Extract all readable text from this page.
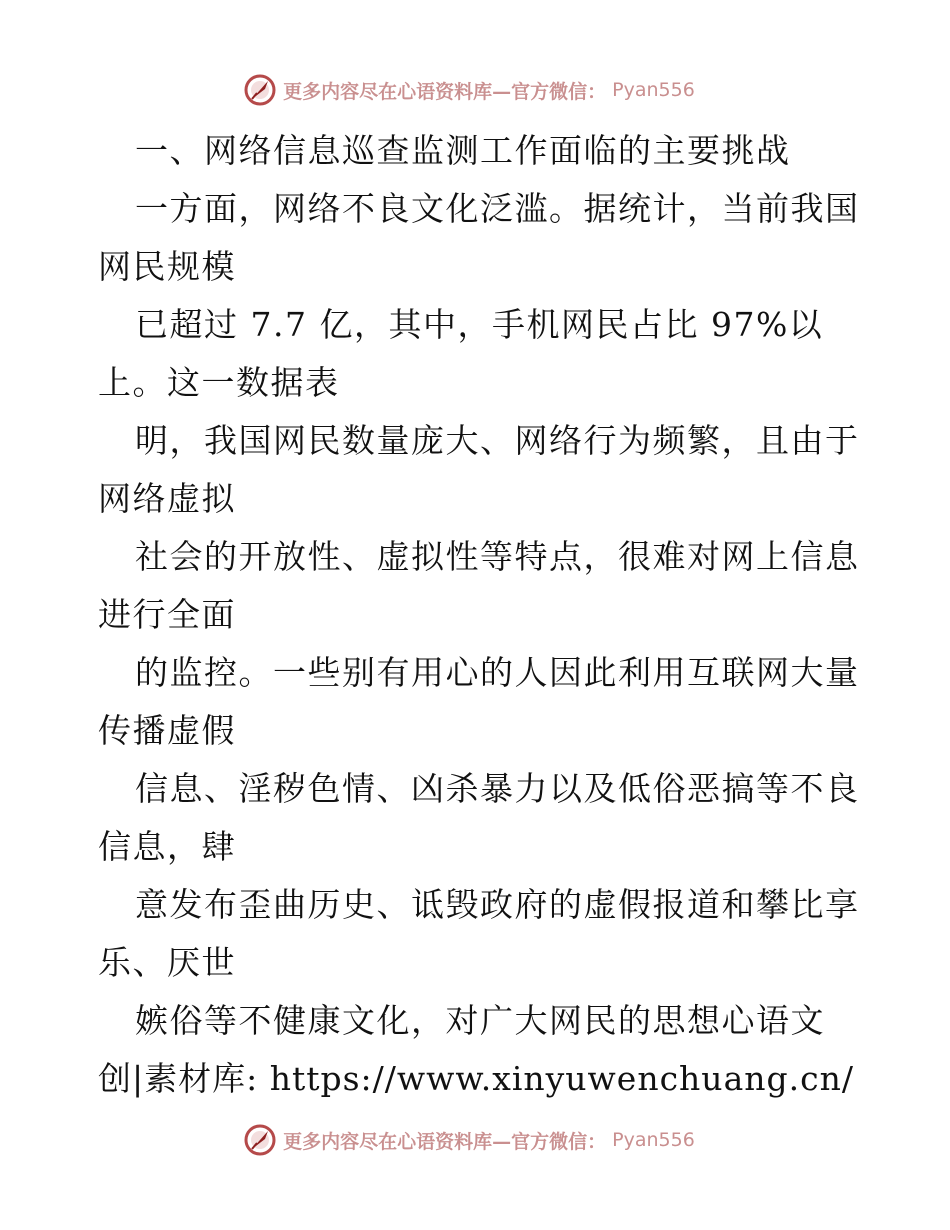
更多内容尽在心语资料库—官方微信： Pyan556
一、网络信息巡查监测工作面临的主要挑战
一方面，网络不良文化泛滥。据统计，当前我国
网民规模
已超过 7.7 亿，其中，手机网民占比 97%以
上。这一数据表
明，我国网民数量庞大、网络行为频繁，且由于
网络虚拟
社会的开放性、虚拟性等特点，很难对网上信息
进行全面
的监控。一些别有用心的人因此利用互联网大量
传播虚假
信息、淫秽色情、凶杀暴力以及低俗恶搞等不良
信息，肆
意发布歪曲历史、诋毁政府的虚假报道和攀比享
乐、厌世
嫉俗等不健康文化，对广大网民的思想心语文
创|素材库: https://www.xinyuwenchuang.cn/
更多内容尽在心语资料库—官方微信： Pyan556
